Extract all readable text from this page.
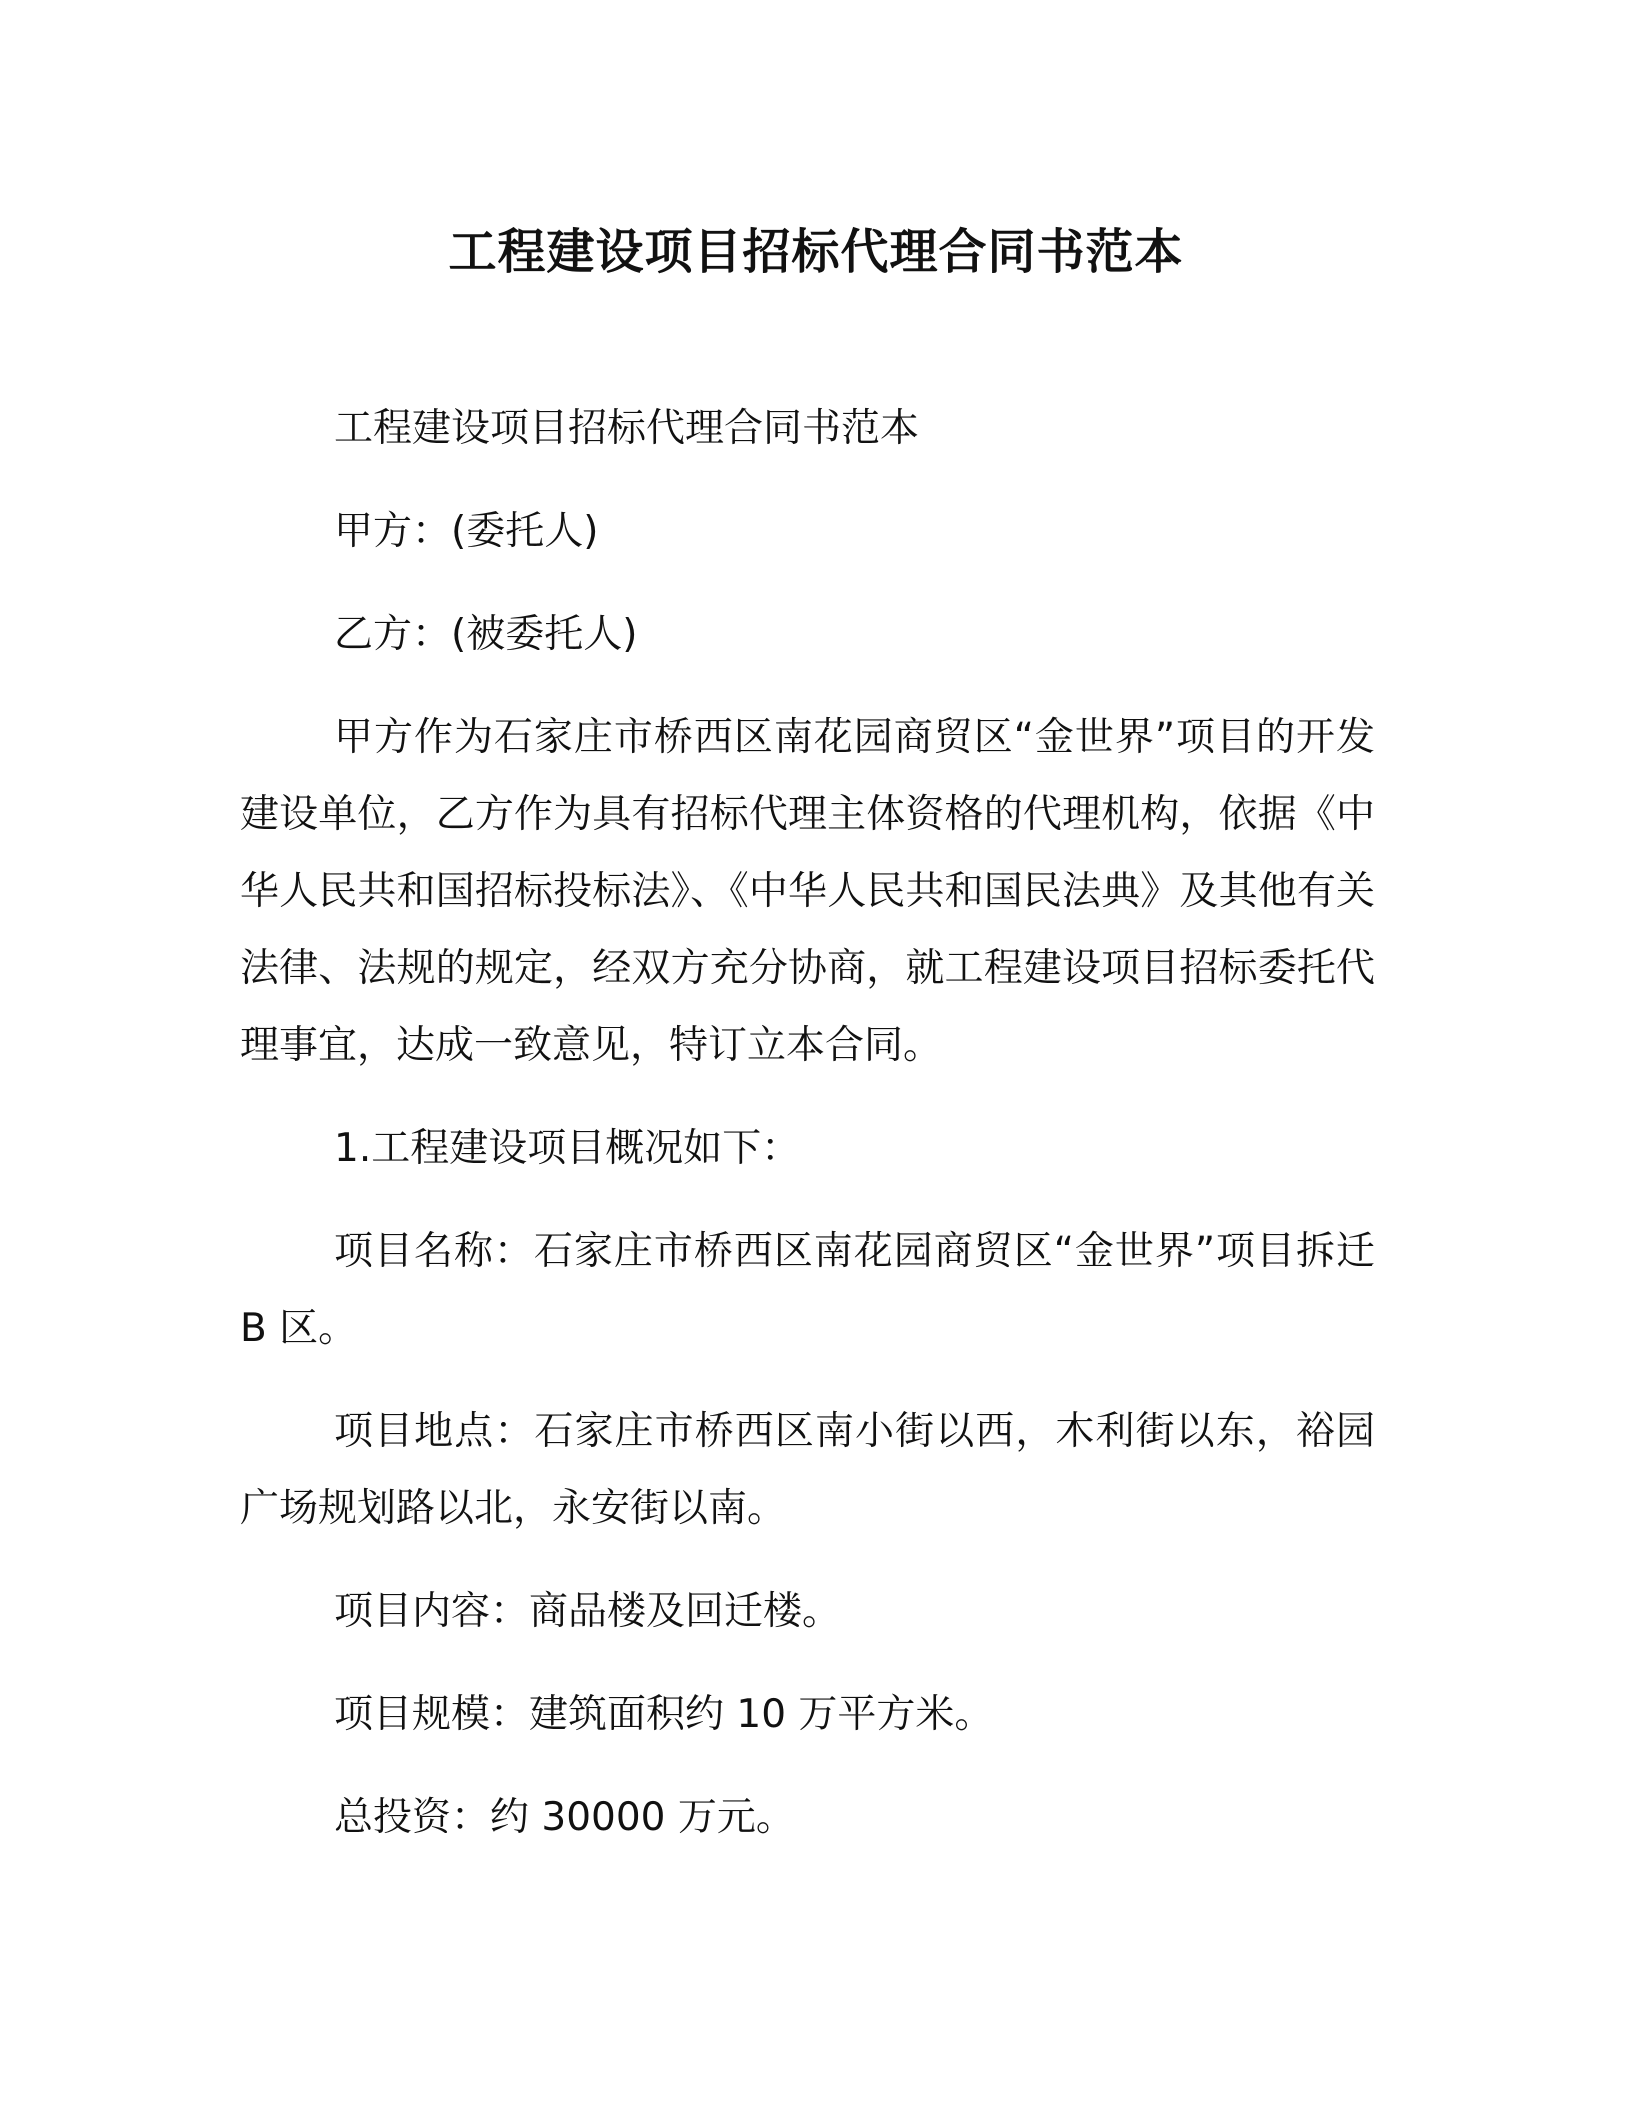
工程建设项目招标代理合同书范本

工程建设项目招标代理合同书范本

甲方：(委托人)

乙方：(被委托人)

甲方作为石家庄市桥西区南花园商贸区“金世界”项目的开发建设单位，乙方作为具有招标代理主体资格的代理机构，依据《中华人民共和国招标投标法》、《中华人民共和国民法典》及其他有关法律、法规的规定，经双方充分协商，就工程建设项目招标委托代理事宜，达成一致意见，特订立本合同。

1.工程建设项目概况如下：

项目名称：石家庄市桥西区南花园商贸区“金世界”项目拆迁 B 区。

项目地点：石家庄市桥西区南小街以西，木利街以东，裕园广场规划路以北，永安街以南。

项目内容：商品楼及回迁楼。

项目规模：建筑面积约 10 万平方米。

总投资：约 30000 万元。
